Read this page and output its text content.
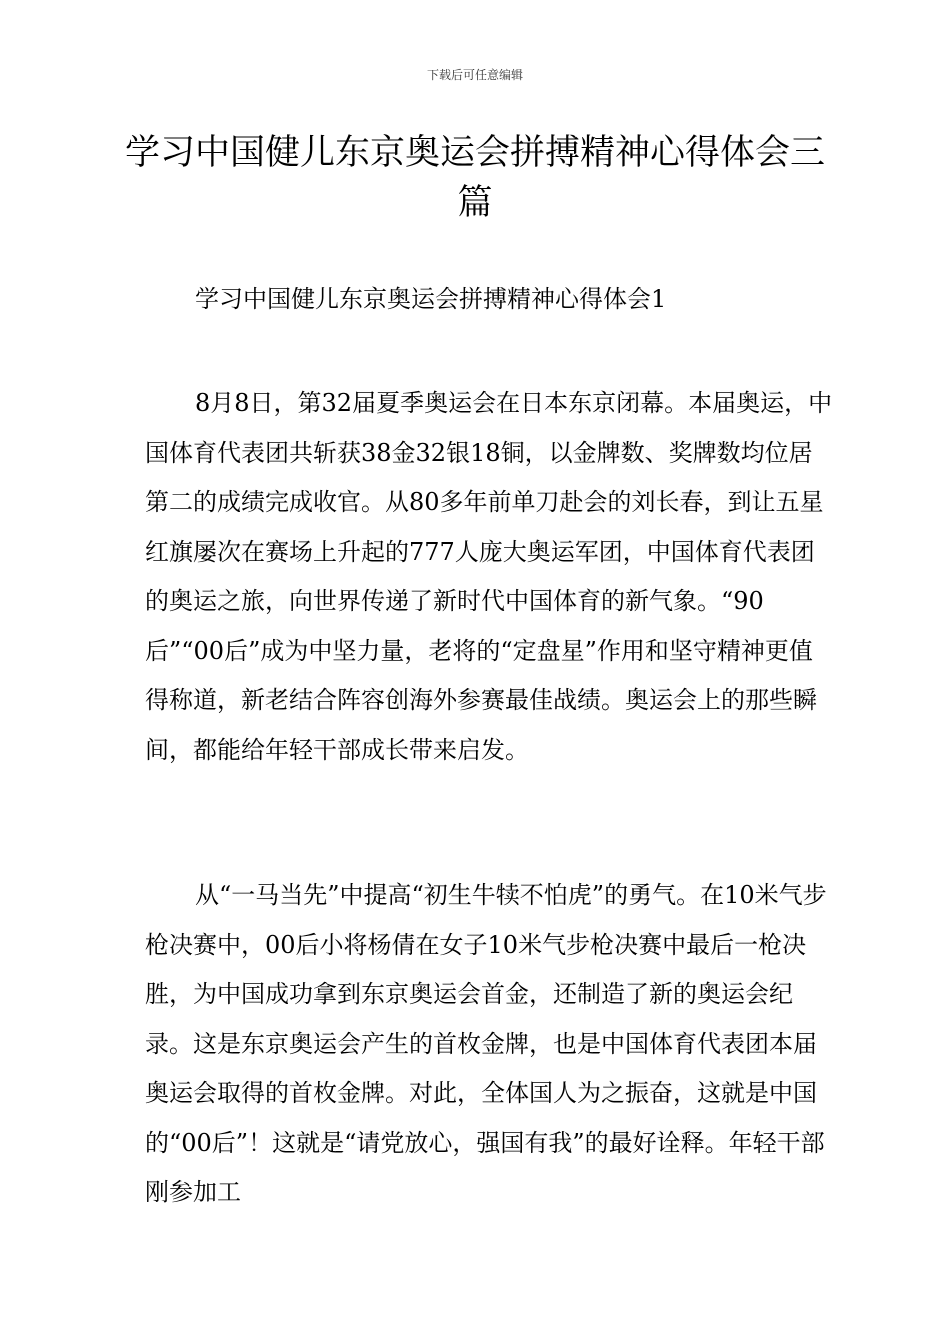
下载后可任意编辑
学习中国健儿东京奥运会拼搏精神心得体会三篇
学习中国健儿东京奥运会拼搏精神心得体会1

8月8日，第32届夏季奥运会在日本东京闭幕。本届奥运，中国体育代表团共斩获38金32银18铜，以金牌数、奖牌数均位居第二的成绩完成收官。从80多年前单刀赴会的刘长春，到让五星红旗屡次在赛场上升起的777人庞大奥运军团，中国体育代表团的奥运之旅，向世界传递了新时代中国体育的新气象。“90后”“00后”成为中坚力量，老将的“定盘星”作用和坚守精神更值得称道，新老结合阵容创海外参赛最佳战绩。奥运会上的那些瞬间，都能给年轻干部成长带来启发。

从“一马当先”中提高“初生牛犊不怕虎”的勇气。在10米气步枪决赛中，00后小将杨倩在女子10米气步枪决赛中最后一枪决胜，为中国成功拿到东京奥运会首金，还制造了新的奥运会纪录。这是东京奥运会产生的首枚金牌，也是中国体育代表团本届奥运会取得的首枚金牌。对此，全体国人为之振奋，这就是中国的“00后”！这就是“请党放心，强国有我”的最好诠释。年轻干部刚参加工
